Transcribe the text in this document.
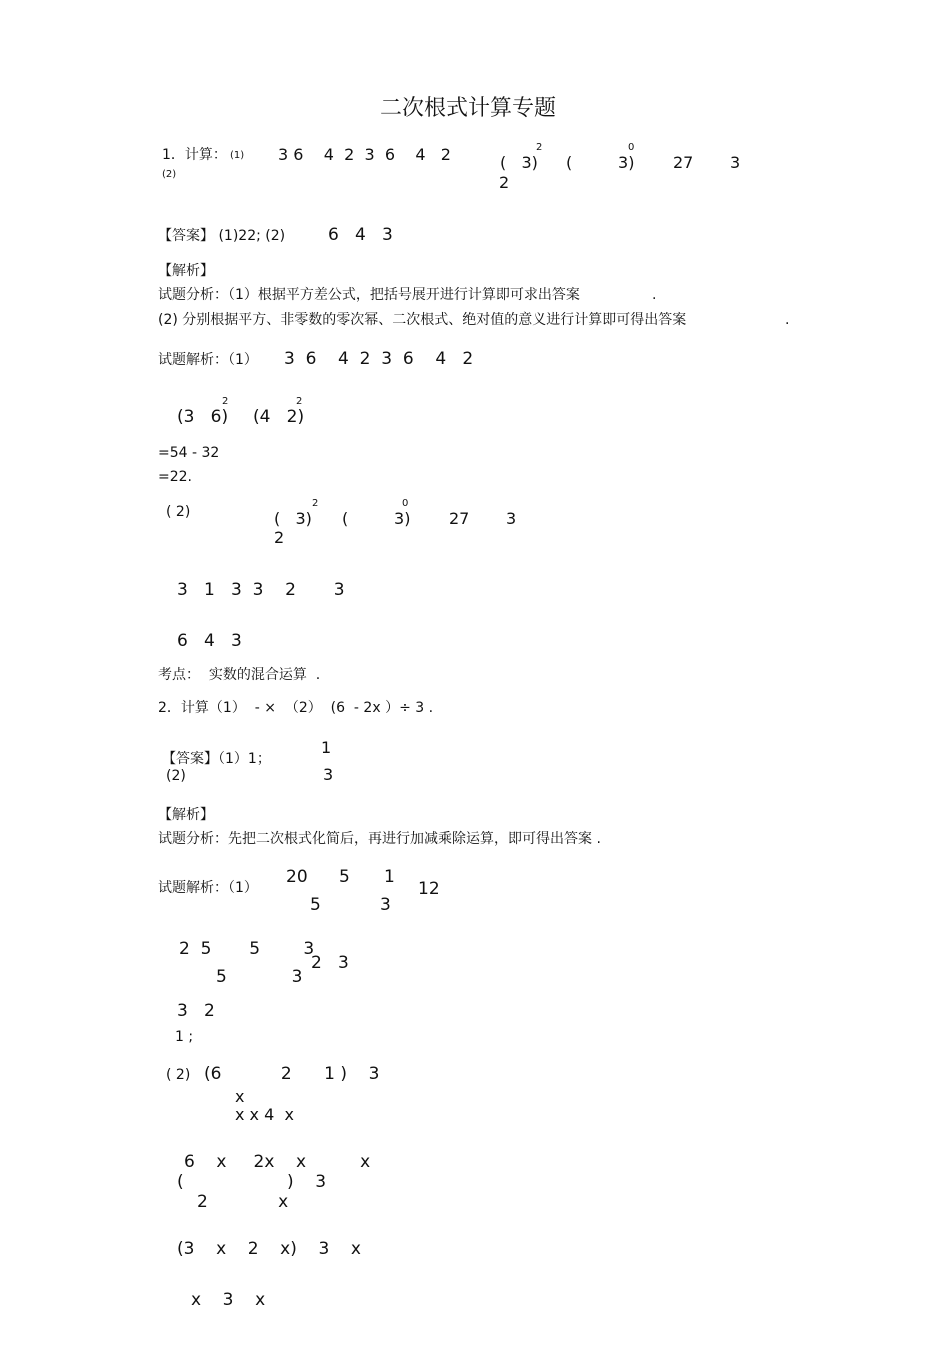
二次根式计算专题
1．计算： (1) 3 6    4  2  3  6    4   2
(2)
(   3)
2
(         3)
0
27 3
2
【答案】 (1)22; (2)	6   4   3
【解析】
试题分析：（1）根据平方差公式，把括号展开进行计算即可求出答案	.
(2) 分别根据平方、非零数的零次幂、二次根式、绝对值的意义进行计算即可得出答案	.
试题解析：（1） 3  6    4  2  3  6    4   2
(3   6)
2
(4   2)
2
=54 - 32
=22.
( 2)	(   3)
2
(         3)
0
27 3
2
3   1   3  3    2       3
6   4   3
考点：  实数的混合运算  .
2．计算（1）  - ×  （2）  (6  - 2x ）÷ 3 .
【答案】（1）1；
(2)
1
3
【解析】
试题分析：先把二次根式化简后，再进行加减乘除运算，即可得出答案 .
试题解析：（1）
20
5
5 1
3
12
2  5       5        3
5            3
2   3
3   2
1 ;
( 2) (6           2      1 )    3
x
x x 4  x
6    x     2x    x          x
(	)    3
2             x
(3    x    2    x)    3    x
x    3    x
